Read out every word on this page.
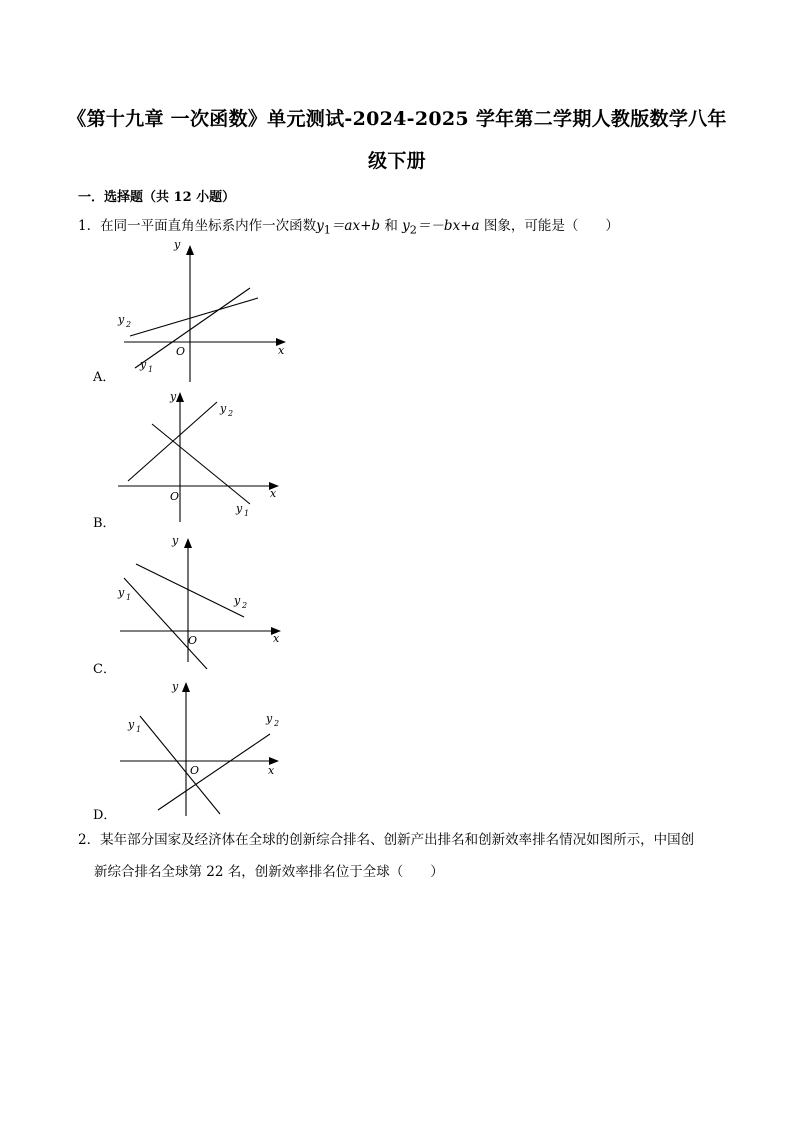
《第十九章 一次函数》单元测试-2024-2025 学年第二学期人教版数学八年
级下册
一．选择题（共 12 小题）
1．在同一平面直角坐标系内作一次函数$y_1=ax+b$ 和 $y_2=-bx+a$ 图象，可能是（　　）
A．
y
x
O
y 2
y 1
B．
y
x
O
y 2
y 1
C．
y
x
O
y 1	y 2
D．
y
x
O
y 1
y 2
2．某年部分国家及经济体在全球的创新综合排名、创新产出排名和创新效率排名情况如图所示，中国创
新综合排名全球第 22 名，创新效率排名位于全球（　　）
